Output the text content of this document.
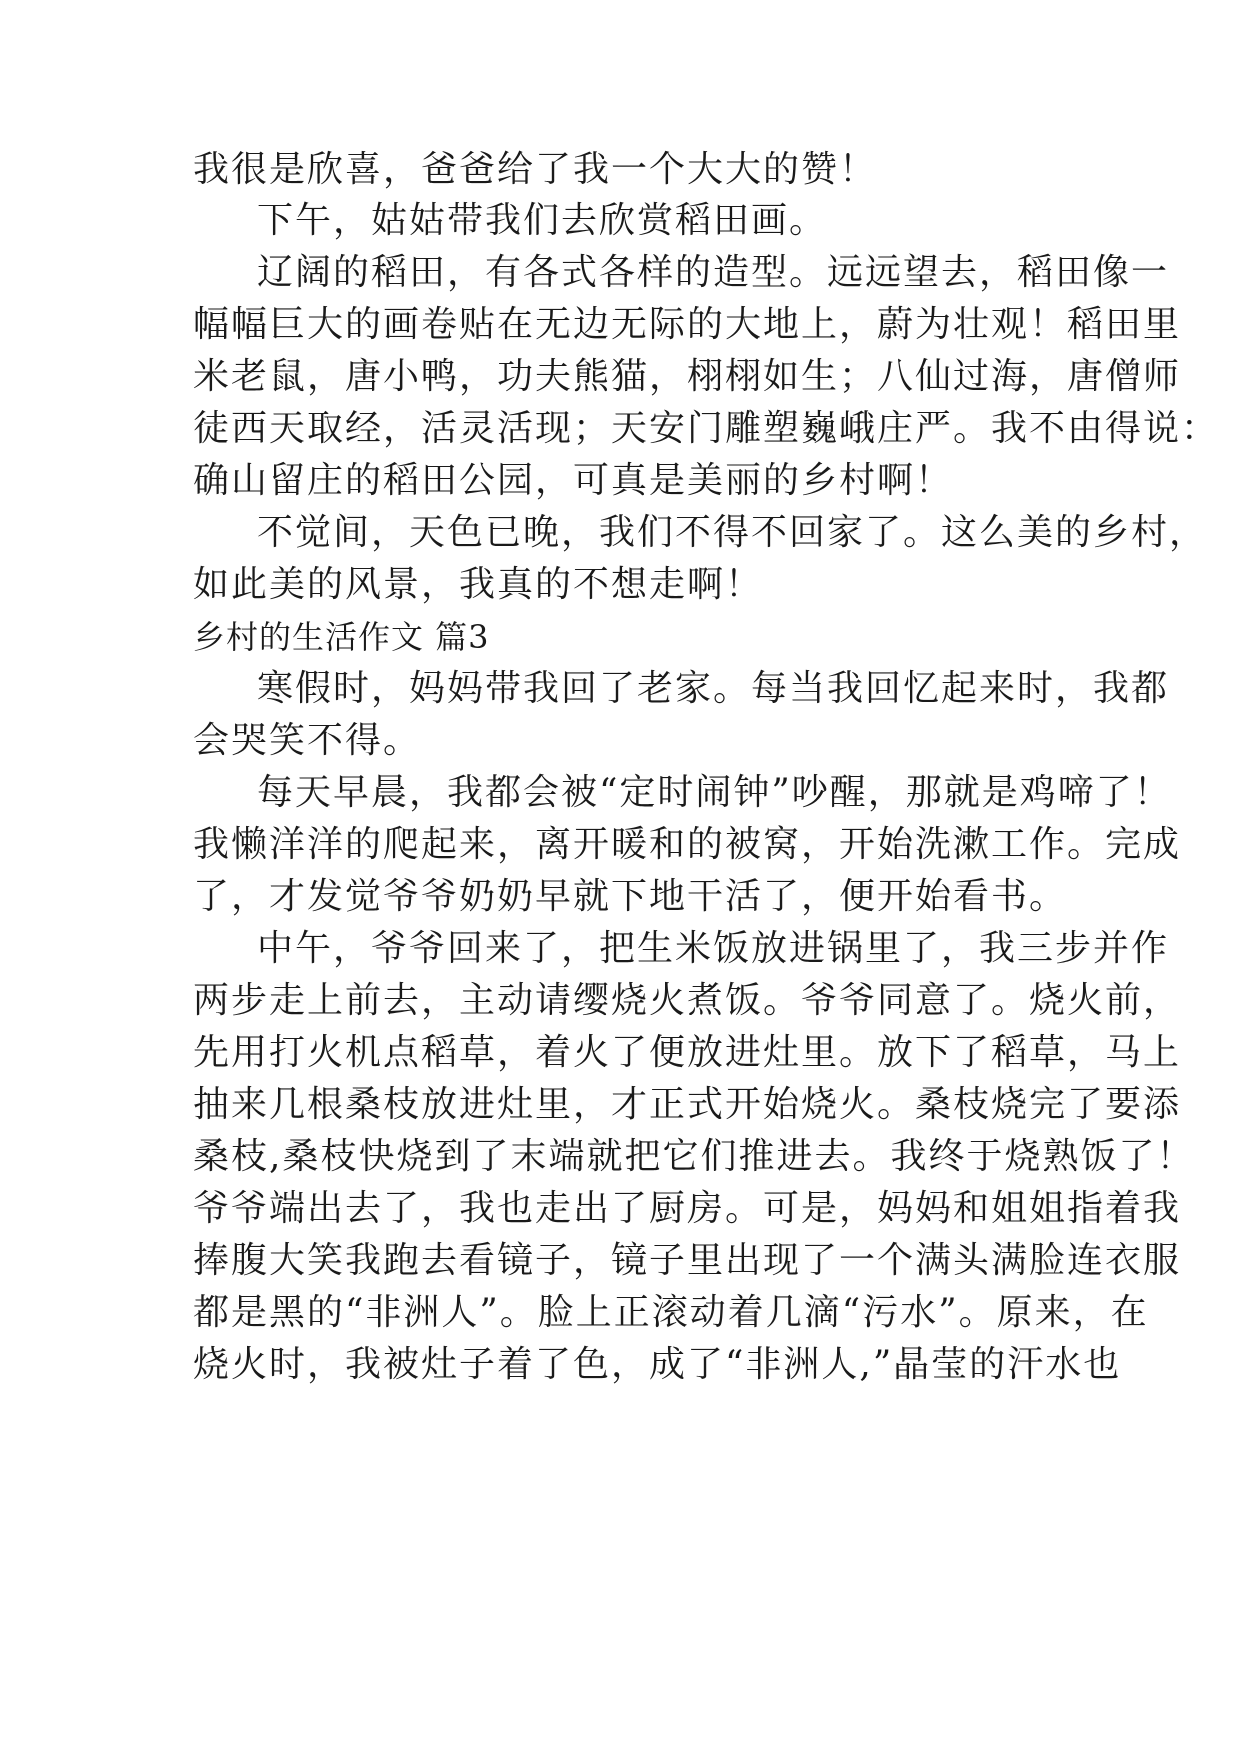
我很是欣喜，爸爸给了我一个大大的赞！
下午，姑姑带我们去欣赏稻田画。
辽阔的稻田，有各式各样的造型。远远望去，稻田像一
幅幅巨大的画卷贴在无边无际的大地上，蔚为壮观！稻田里
米老鼠，唐小鸭，功夫熊猫，栩栩如生；八仙过海，唐僧师
徒西天取经，活灵活现；天安门雕塑巍峨庄严。我不由得说：
确山留庄的稻田公园，可真是美丽的乡村啊！
不觉间，天色已晚，我们不得不回家了。这么美的乡村，
如此美的风景，我真的不想走啊！
乡村的生活作文 篇3
寒假时，妈妈带我回了老家。每当我回忆起来时，我都
会哭笑不得。
每天早晨，我都会被“定时闹钟”吵醒，那就是鸡啼了！
我懒洋洋的爬起来，离开暖和的被窝，开始洗漱工作。完成
了，才发觉爷爷奶奶早就下地干活了，便开始看书。
中午，爷爷回来了，把生米饭放进锅里了，我三步并作
两步走上前去，主动请缨烧火煮饭。爷爷同意了。烧火前，
先用打火机点稻草，着火了便放进灶里。放下了稻草，马上
抽来几根桑枝放进灶里，才正式开始烧火。桑枝烧完了要添
桑枝,桑枝快烧到了末端就把它们推进去。我终于烧熟饭了！
爷爷端出去了，我也走出了厨房。可是，妈妈和姐姐指着我
捧腹大笑我跑去看镜子，镜子里出现了一个满头满脸连衣服
都是黑的“非洲人”。脸上正滚动着几滴“污水”。原来，在
烧火时，我被灶子着了色，成了“非洲人,”晶莹的汗水也
